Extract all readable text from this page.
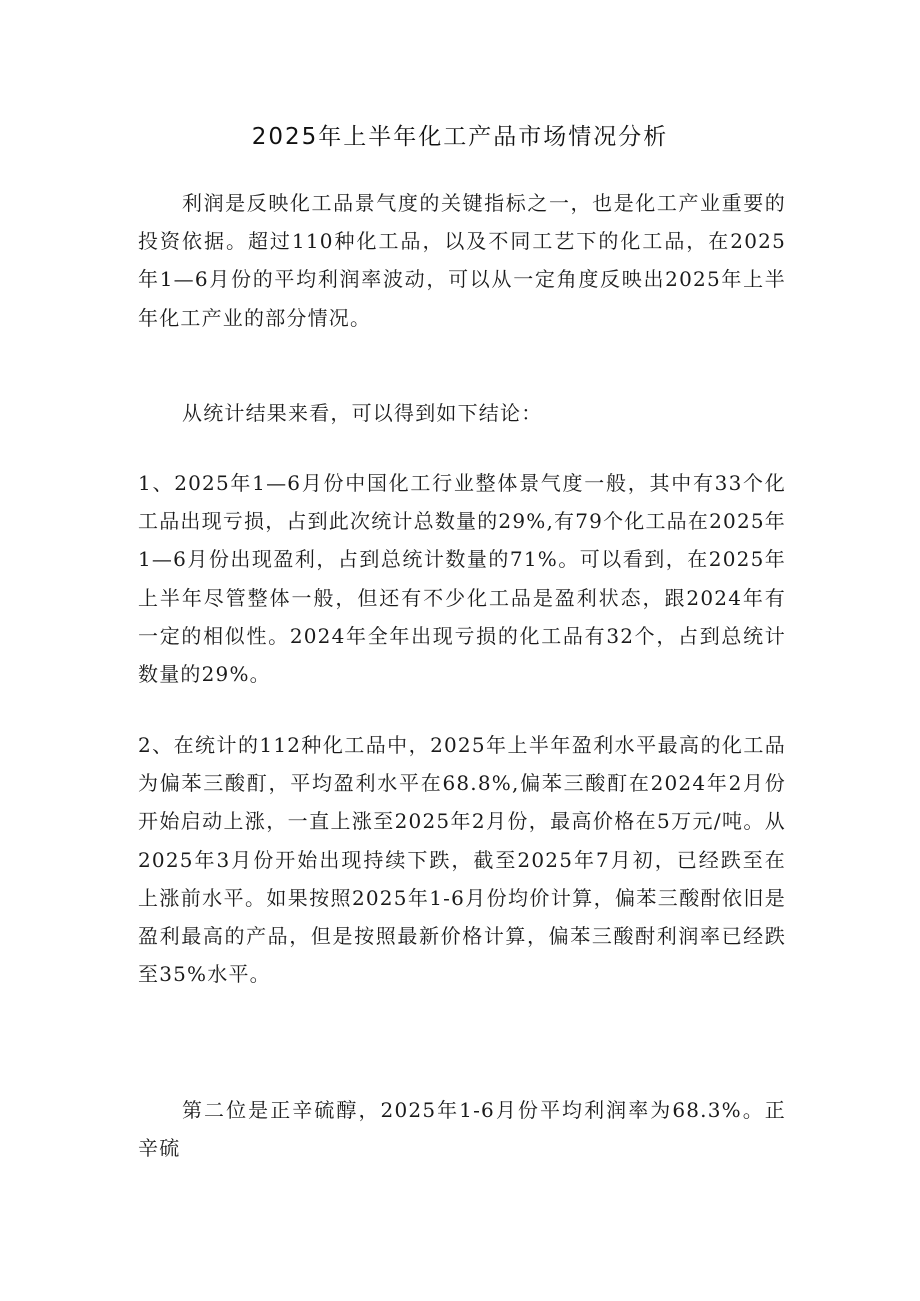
2025年上半年化工产品市场情况分析

利润是反映化工品景气度的关键指标之一，也是化工产业重要的投资依据。超过110种化工品，以及不同工艺下的化工品，在2025年1—6月份的平均利润率波动，可以从一定角度反映出2025年上半年化工产业的部分情况。

从统计结果来看，可以得到如下结论：

1、2025年1—6月份中国化工行业整体景气度一般，其中有33个化工品出现亏损，占到此次统计总数量的29%,有79个化工品在2025年1—6月份出现盈利，占到总统计数量的71%。可以看到，在2025年上半年尽管整体一般，但还有不少化工品是盈利状态，跟2024年有一定的相似性。2024年全年出现亏损的化工品有32个，占到总统计数量的29%。

2、在统计的112种化工品中，2025年上半年盈利水平最高的化工品为偏苯三酸酊，平均盈利水平在68.8%,偏苯三酸酊在2024年2月份开始启动上涨，一直上涨至2025年2月份，最高价格在5万元/吨。从2025年3月份开始出现持续下跌，截至2025年7月初，已经跌至在上涨前水平。如果按照2025年1-6月份均价计算，偏苯三酸酎依旧是盈利最高的产品，但是按照最新价格计算，偏苯三酸酎利润率已经跌至35%水平。

第二位是正辛硫醇，2025年1-6月份平均利润率为68.3%。正辛硫
